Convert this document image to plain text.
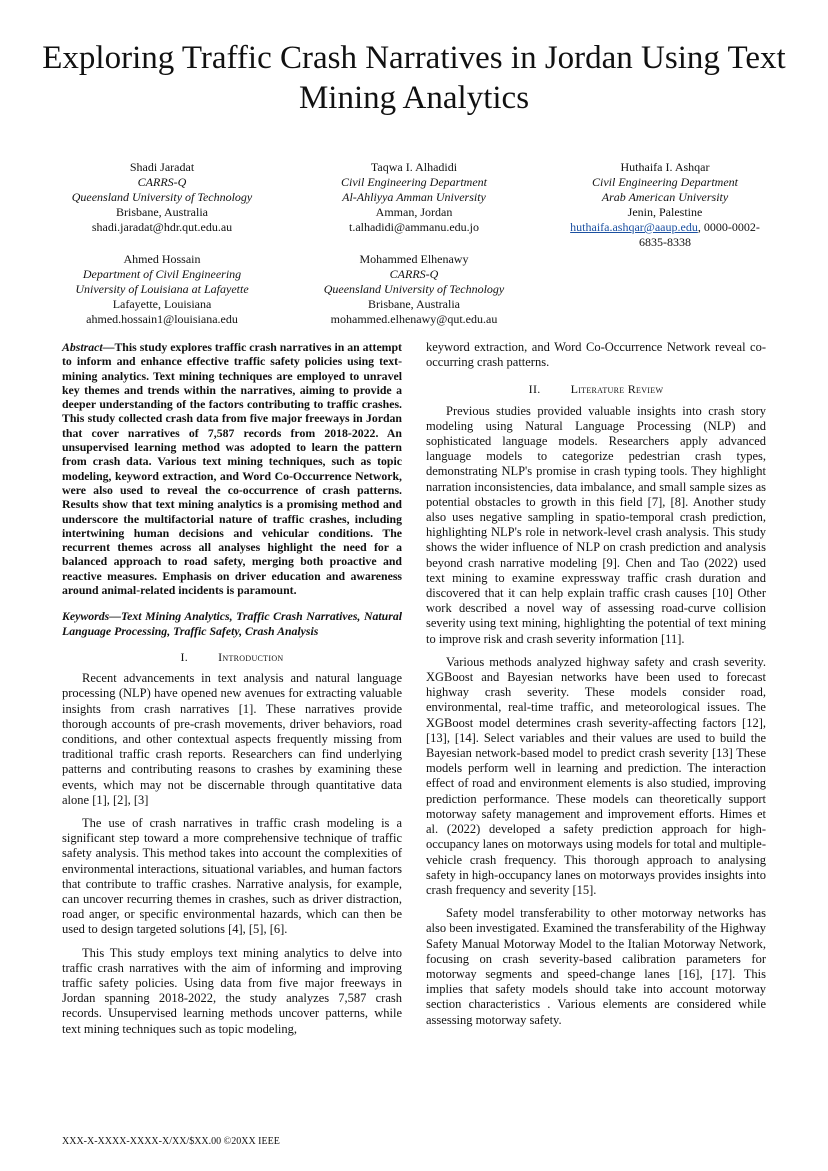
Exploring Traffic Crash Narratives in Jordan Using Text Mining Analytics
Shadi Jaradat
CARRS-Q
Queensland University of Technology
Brisbane, Australia
shadi.jaradat@hdr.qut.edu.au
Taqwa I. Alhadidi
Civil Engineering Department
Al-Ahliyya Amman University
Amman, Jordan
t.alhadidi@ammanu.edu.jo
Huthaifa I. Ashqar
Civil Engineering Department
Arab American University
Jenin, Palestine
huthaifa.ashqar@aaup.edu, 0000-0002-6835-8338
Ahmed Hossain
Department of Civil Engineering
University of Louisiana at Lafayette
Lafayette, Louisiana
ahmed.hossain1@louisiana.edu
Mohammed Elhenawy
CARRS-Q
Queensland University of Technology
Brisbane, Australia
mohammed.elhenawy@qut.edu.au

Abstract—This study explores traffic crash narratives in an attempt to inform and enhance effective traffic safety policies using text-mining analytics. Text mining techniques are employed to unravel key themes and trends within the narratives, aiming to provide a deeper understanding of the factors contributing to traffic crashes. This study collected crash data from five major freeways in Jordan that cover narratives of 7,587 records from 2018-2022. An unsupervised learning method was adopted to learn the pattern from crash data. Various text mining techniques, such as topic modeling, keyword extraction, and Word Co-Occurrence Network, were also used to reveal the co-occurrence of crash patterns. Results show that text mining analytics is a promising method and underscore the multifactorial nature of traffic crashes, including intertwining human decisions and vehicular conditions. The recurrent themes across all analyses highlight the need for a balanced approach to road safety, merging both proactive and reactive measures. Emphasis on driver education and awareness around animal-related incidents is paramount.

Keywords—Text Mining Analytics, Traffic Crash Narratives, Natural Language Processing, Traffic Safety, Crash Analysis

I.	Introduction

Recent advancements in text analysis and natural language processing (NLP) have opened new avenues for extracting valuable insights from crash narratives [1]. These narratives provide thorough accounts of pre-crash movements, driver behaviors, road conditions, and other contextual aspects frequently missing from traditional traffic crash reports. Researchers can find underlying patterns and contributing reasons to crashes by examining these events, which may not be discernable through quantitative data alone [1], [2], [3]

The use of crash narratives in traffic crash modeling is a significant step toward a more comprehensive technique of traffic safety analysis. This method takes into account the complexities of environmental interactions, situational variables, and human factors that contribute to traffic crashes. Narrative analysis, for example, can uncover recurring themes in crashes, such as driver distraction, road anger, or specific environmental hazards, which can then be used to design targeted solutions [4], [5], [6].

This This study employs text mining analytics to delve into traffic crash narratives with the aim of informing and improving traffic safety policies. Using data from five major freeways in Jordan spanning 2018-2022, the study analyzes 7,587 crash records. Unsupervised learning methods uncover patterns, while text mining techniques such as topic modeling,

keyword extraction, and Word Co-Occurrence Network reveal co-occurring crash patterns.

II.	Literature Review

Previous studies provided valuable insights into crash story modeling using Natural Language Processing (NLP) and sophisticated language models. Researchers apply advanced language models to categorize pedestrian crash types, demonstrating NLP's promise in crash typing tools. They highlight narration inconsistencies, data imbalance, and small sample sizes as potential obstacles to growth in this field [7], [8]. Another study also uses negative sampling in spatio-temporal crash prediction, highlighting NLP's role in network-level crash analysis. This study shows the wider influence of NLP on crash prediction and analysis beyond crash narrative modeling [9]. Chen and Tao (2022) used text mining to examine expressway traffic crash duration and discovered that it can help explain traffic crash causes [10] Other work described a novel way of assessing road-curve collision severity using text mining, highlighting the potential of text mining to improve risk and crash severity information [11].

Various methods analyzed highway safety and crash severity. XGBoost and Bayesian networks have been used to forecast highway crash severity. These models consider road, environmental, real-time traffic, and meteorological issues. The XGBoost model determines crash severity-affecting factors [12], [13], [14]. Select variables and their values are used to build the Bayesian network-based model to predict crash severity [13] These models perform well in learning and prediction. The interaction effect of road and environment elements is also studied, improving prediction performance. These models can theoretically support motorway safety management and improvement efforts. Himes et al. (2022) developed a safety prediction approach for high-occupancy lanes on motorways using models for total and multiple-vehicle crash frequency. This thorough approach to analysing safety in high-occupancy lanes on motorways provides insights into crash frequency and severity [15].

Safety model transferability to other motorway networks has also been investigated. Examined the transferability of the Highway Safety Manual Motorway Model to the Italian Motorway Network, focusing on crash severity-based calibration parameters for motorway segments and speed-change lanes [16], [17]. This implies that safety models should take into account motorway section characteristics . Various elements are considered while assessing motorway safety.

XXX-X-XXXX-XXXX-X/XX/$XX.00 ©20XX IEEE
